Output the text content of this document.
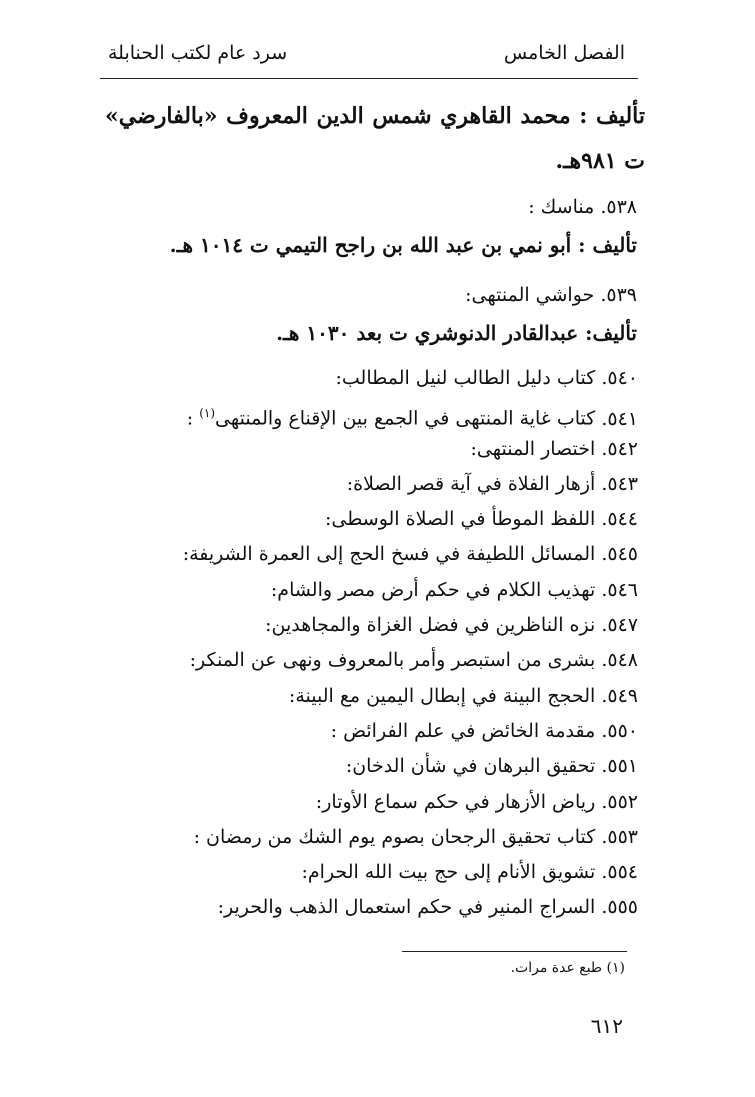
الفصل الخامس
سرد عام لكتب الحنابلة
تأليف : محمد القاهري شمس الدين المعروف «بالفارضي» ت ٩٨١هـ.
٥٣٨. مناسك :
تأليف : أبو نمي بن عبد الله بن راجح التيمي ت ١٠١٤ هـ.
٥٣٩. حواشي المنتهى:
تأليف: عبدالقادر الدنوشري ت بعد ١٠٣٠ هـ.
٥٤٠. كتاب دليل الطالب لنيل المطالب:
٥٤١. كتاب غاية المنتهى في الجمع بين الإقناع والمنتهى$^{(١)}$ :
٥٤٢. اختصار المنتهى:
٥٤٣. أزهار الفلاة في آية قصر الصلاة:
٥٤٤. اللفظ الموطأ في الصلاة الوسطى:
٥٤٥. المسائل اللطيفة في فسخ الحج إلى العمرة الشريفة:
٥٤٦. تهذيب الكلام في حكم أرض مصر والشام:
٥٤٧. نزه الناظرين في فضل الغزاة والمجاهدين:
٥٤٨. بشرى من استبصر وأمر بالمعروف ونهى عن المنكر:
٥٤٩. الحجج البينة في إبطال اليمين مع البينة:
٥٥٠. مقدمة الخائض في علم الفرائض :
٥٥١. تحقيق البرهان في شأن الدخان:
٥٥٢. رياض الأزهار في حكم سماع الأوتار:
٥٥٣. كتاب تحقيق الرجحان بصوم يوم الشك من رمضان :
٥٥٤. تشويق الأنام إلى حج بيت الله الحرام:
٥٥٥. السراج المنير في حكم استعمال الذهب والحرير:
(١) طبع عدة مرات.
٦١٢
